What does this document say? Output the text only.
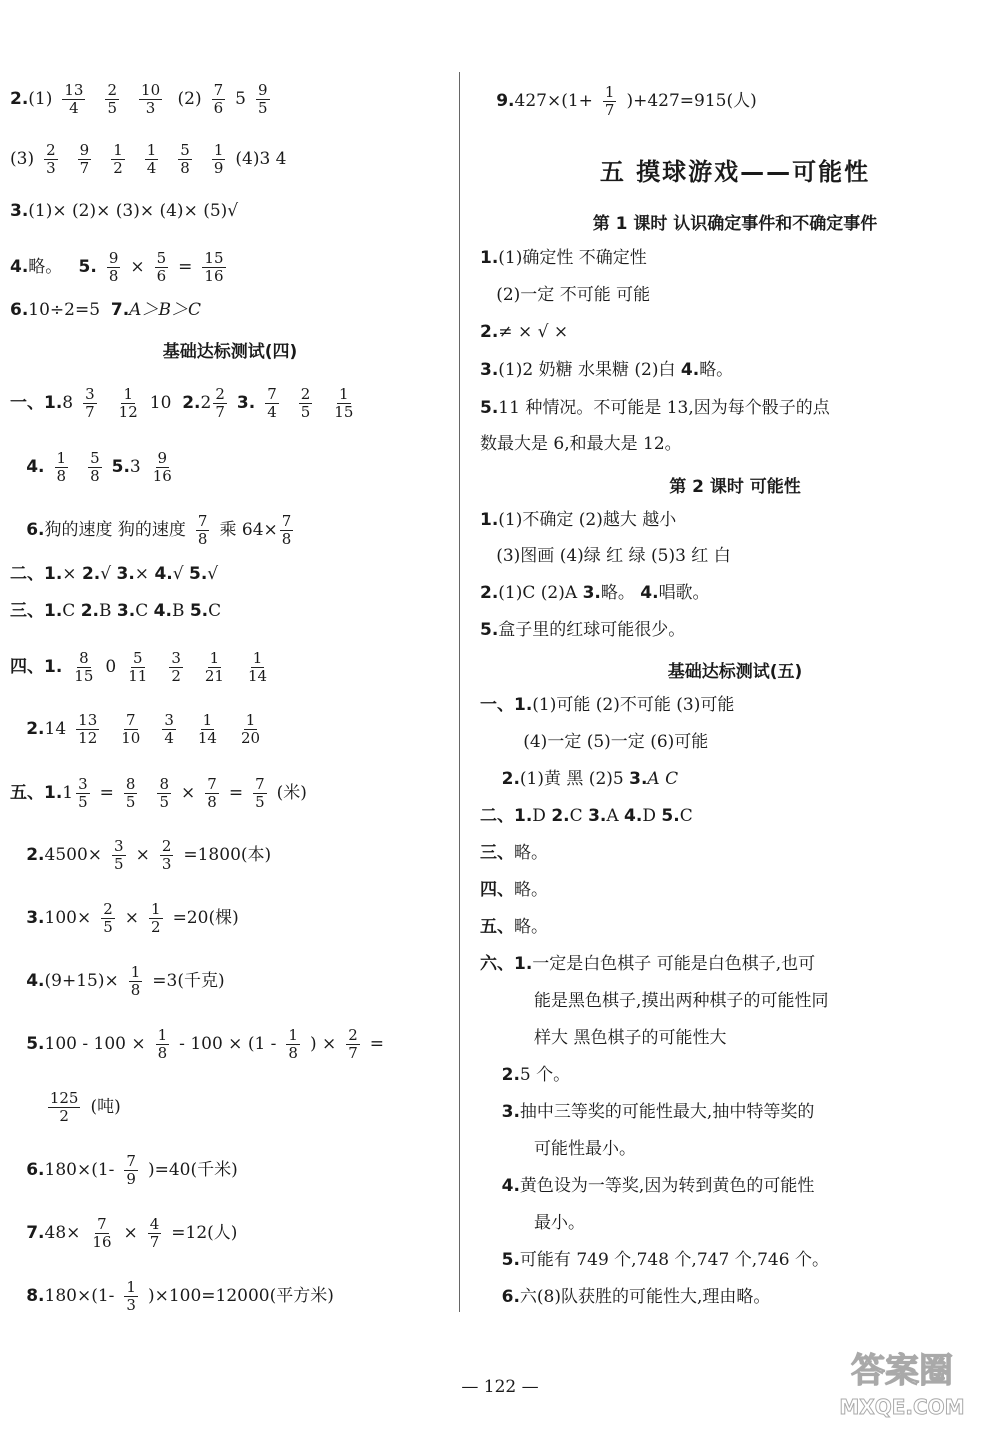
$2.(1) \frac{13}{4} \frac{2}{5} \frac{10}{3} (2) \frac{7}{6} 5 \frac{9}{5}$
$(3) \frac{2}{3} \frac{9}{7} \frac{1}{2} \frac{1}{4} \frac{5}{8} \frac{1}{9} (4)3$ 4
3.(1)× (2)× (3)× (4)× (5)√
4.略。 5. $\frac{9}{8} \times \frac{5}{6} = \frac{15}{16}$
6.10÷2=5 7.A＞B＞C
基础达标测试(四)
一、$1.8 \frac{3}{7} \frac{1}{12} 10$ $2.2 \frac{2}{7} 3$. $\frac{7}{4} \frac{2}{5} \frac{1}{15}$
4. $\frac{1}{8} \frac{5}{8} 5.3 \frac{9}{16}$
6.狗的速度 狗的速度 $\frac{7}{8}$ 乘 $64\times \frac{7}{8}$
二、1.× 2.√ 3.× 4.√ 5.√
三、1.C 2.B 3.C 4.B 5.C
四、1. $\frac{8}{15} 0 \frac{5}{11} \frac{3}{2} \frac{1}{21} \frac{1}{14}$
$2.14 \frac{13}{12} \frac{7}{10} \frac{3}{4} \frac{1}{14} \frac{1}{20}$
五、$1.1 \frac{3}{5} = \frac{8}{5} \frac{8}{5} \times \frac{7}{8} = \frac{7}{5}$ (米)
$2.4500\times \frac{3}{5} \times \frac{2}{3} =1800$(本)
$3.100\times \frac{2}{5} \times \frac{1}{2} =20$(棵)
$4.(9+15)\times \frac{1}{8} =3$(千克)
$5.100 - 100 \times \frac{1}{8} - 100 \times (1 - \frac{1}{8}$ ) × $\frac{2}{7}$ =

$\frac{125}{2}$ (吨)
$6.180\times(1- \frac{7}{9} )=40$(千米)
$7.48\times \frac{7}{16} \times \frac{4}{7} =12$(人)
$8.180\times(1- \frac{1}{3} )\times 100=12000$(平方米)
$9.427\times(1+ \frac{1}{7} )+427=915$(人)
五 摸球游戏——可能性
第 1 课时 认识确定事件和不确定事件
1.(1)确定性 不确定性
(2)一定 不可能 可能
2.≠ × √ ×
3.(1)2 奶糖 水果糖 (2)白 4.略。
5.11 种情况。不可能是 13,因为每个骰子的点
数最大是 6,和最大是 12。
第 2 课时 可能性
1.(1)不确定 (2)越大 越小
(3)图画 (4)绿 红 绿 (5)3 红 白
2.(1)C (2)A 3.略。 4.唱歌。
5.盒子里的红球可能很少。
基础达标测试(五)
一、1.(1)可能 (2)不可能 (3)可能
(4)一定 (5)一定 (6)可能
2.(1)黄 黑 (2)5 3.A C
二、1.D 2.C 3.A 4.D 5.C
三、略。
四、略。
五、略。
六、1.一定是白色棋子 可能是白色棋子,也可
能是黑色棋子,摸出两种棋子的可能性同
样大 黑色棋子的可能性大
2.5 个。
3.抽中三等奖的可能性最大,抽中特等奖的
可能性最小。
4.黄色设为一等奖,因为转到黄色的可能性
最小。
5.可能有 749 个,748 个,747 个,746 个。
6.六(8)队获胜的可能性大,理由略。
— 122 —	答案圈
MXQE.COM
